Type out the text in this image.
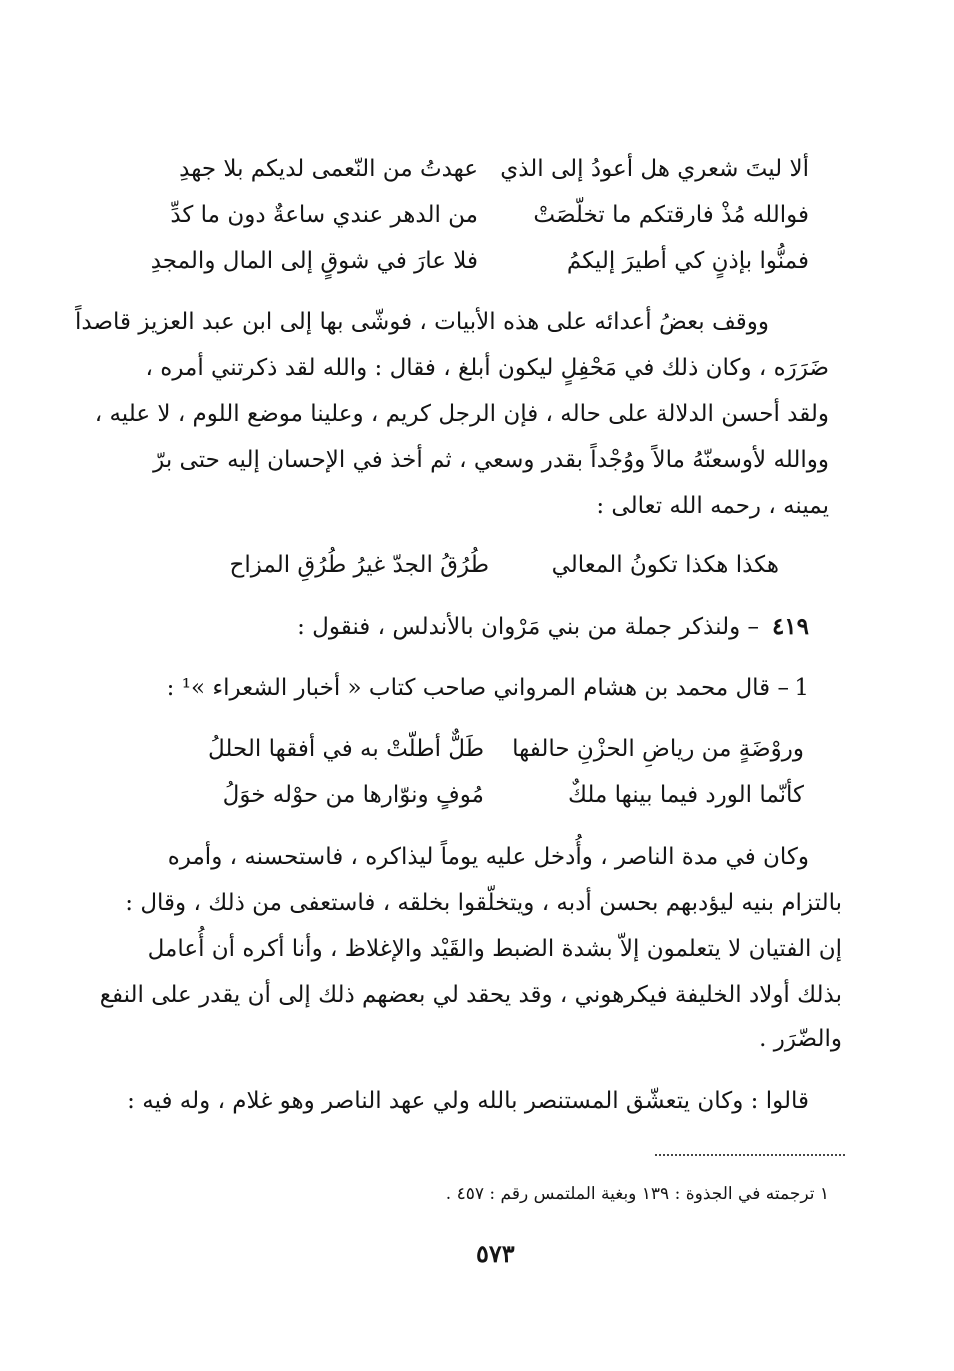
ألا ليتَ شعري هل أعودُ إلى الذي
عهدتُ من النّعمى لديكم بلا جهدِ
فوالله مُذْ فارقتكم ما تخلّصَتْ
من الدهر عندي ساعةٌ دون ما كدِّ
فمنُّوا بإذنٍ كي أطيرَ إليكمُ
فلا عارَ في شوقٍ إلى المال والمجدِ
ووقف بعضُ أعدائه على هذه الأبيات ، فوشّى بها إلى ابن عبد العزيز قاصداً
ضَرَرَه ، وكان ذلك في مَحْفِلٍ ليكون أبلغ ، فقال : والله لقد ذكرتني أمره ،
ولقد أحسن الدلالة على حاله ، فإن الرجل كريم ، وعلينا موضع اللوم ، لا عليه ،
ووالله لأوسعنّهُ مالاً ووُجْداً بقدر وسعي ، ثم أخذ في الإحسان إليه حتى برّ
يمينه ، رحمه الله تعالى :
هكذا هكذا تكونُ المعالي
طُرُقُ الجدّ غيرُ طُرُقِ المزاح
٤١٩
– ولنذكر جملة من بني مَرْوان بالأندلس ، فنقول :
1
– قال محمد بن هشام المرواني صاحب كتاب « أخبار الشعراء »¹ :
وروْضَةٍ من رياضِ الحزْنِ حالفها
طَلٌّ أطلّتْ به في أفقها الحللُ
كأنّما الورد فيما بينها ملكٌ
مُوفٍ ونوّارها من حوْله خوَلُ
وكان في مدة الناصر ، وأُدخل عليه يوماً ليذاكره ، فاستحسنه ، وأمره
بالتزام بنيه ليؤدبهم بحسن أدبه ، ويتخلّقوا بخلقه ، فاستعفى من ذلك ، وقال :
إن الفتيان لا يتعلمون إلاّ بشدة الضبط والقَيْد والإغلاظ ، وأنا أكره أن أُعامل
بذلك أولاد الخليفة فيكرهوني ، وقد يحقد لي بعضهم ذلك إلى أن يقدر على النفع
والضّرَر .
قالوا : وكان يتعشّق المستنصر بالله ولي عهد الناصر وهو غلام ، وله فيه :
١ ترجمته في الجذوة : ١٣٩ وبغية الملتمس رقم : ٤٥٧ .
٥٧٣
